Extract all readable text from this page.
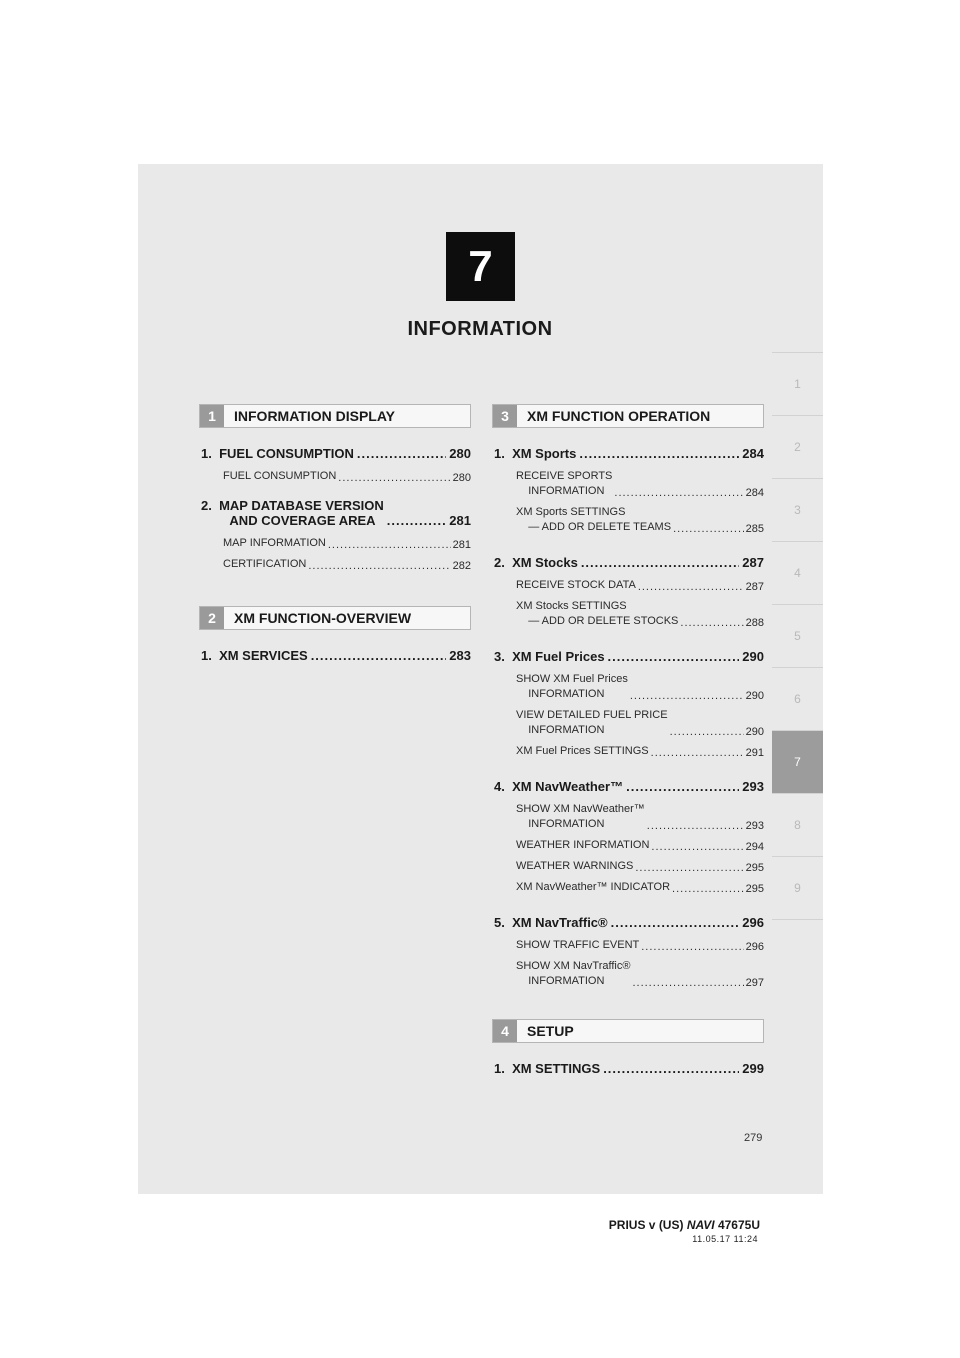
7
INFORMATION
1
2
3
4
5
6
7
8
9
1	INFORMATION DISPLAY
1.  FUEL CONSUMPTION .....	280
FUEL CONSUMPTION .....	280
2.  MAP DATABASE VERSION
AND COVERAGE AREA .....	281
MAP INFORMATION .....	281
CERTIFICATION .....	282
2	XM FUNCTION-OVERVIEW
1.  XM SERVICES .....	283
3	XM FUNCTION OPERATION
1.  XM Sports .....	284
RECEIVE SPORTS
INFORMATION .....	284
XM Sports SETTINGS
— ADD OR DELETE TEAMS .....	285
2.  XM Stocks .....	287
RECEIVE STOCK DATA .....	287
XM Stocks SETTINGS
— ADD OR DELETE STOCKS .....	288
3.  XM Fuel Prices .....	290
SHOW XM Fuel Prices
INFORMATION .....	290
VIEW DETAILED FUEL PRICE
INFORMATION .....	290
XM Fuel Prices SETTINGS .....	291
4.  XM NavWeather™ .....	293
SHOW XM NavWeather™
INFORMATION .....	293
WEATHER INFORMATION .....	294
WEATHER WARNINGS .....	295
XM NavWeather™ INDICATOR .....	295
5.  XM NavTraffic® .....	296
SHOW TRAFFIC EVENT .....	296
SHOW XM NavTraffic®
INFORMATION .....	297
4	SETUP
1.  XM SETTINGS .....	299
279
PRIUS v (US) NAVI 47675U
11.05.17 11:24
